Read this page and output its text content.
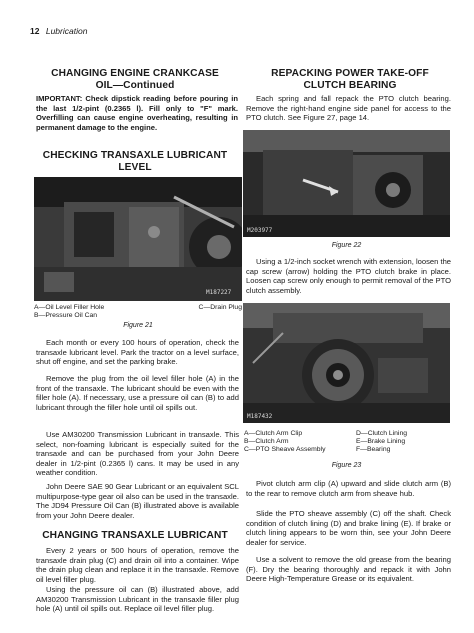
12 Lubrication
CHANGING ENGINE CRANKCASE
OIL—Continued
IMPORTANT: Check dipstick reading before pouring in the last 1/2-pint (0.2365 l). Fill only to "F" mark. Overfilling can cause engine overheating, resulting in permanent damage to the engine.
CHECKING TRANSAXLE LUBRICANT
LEVEL
M187227
A—Oil Level Filler Hole	C—Drain Plug
B—Pressure Oil Can
Figure 21
Each month or every 100 hours of operation, check the transaxle lubricant level. Park the tractor on a level surface, shut off engine, and set the parking brake.
Remove the plug from the oil level filler hole (A) in the front of the transaxle. The lubricant should be even with the filler hole (A). If necessary, use a pressure oil can (B) to add lubricant through the filler hole until oil spills out.
Use AM30200 Transmission Lubricant in transaxle. This select, non-foaming lubricant is especially suited for the transaxle and can be purchased from your John Deere dealer in 1/2-pint (0.2365 l) cans. It may be used in any weather condition.
John Deere SAE 90 Gear Lubricant or an equivalent SCL multipurpose-type gear oil also can be used in the transaxle. The JD94 Pressure Oil Can (B) illustrated above is available from your John Deere dealer.
CHANGING TRANSAXLE LUBRICANT
Every 2 years or 500 hours of operation, remove the transaxle drain plug (C) and drain oil into a container. Wipe the drain plug clean and replace it in the transaxle. Remove oil level filler plug.
Using the pressure oil can (B) illustrated above, add AM30200 Transmission Lubricant in the transaxle filler plug hole (A) until oil spills out. Replace oil level filler plug.
REPACKING POWER TAKE-OFF
CLUTCH BEARING
Each spring and fall repack the PTO clutch bearing. Remove the right-hand engine side panel for access to the PTO clutch. See Figure 27, page 14.
M203977
Figure 22
Using a 1/2-inch socket wrench with extension, loosen the cap screw (arrow) holding the PTO clutch brake in place. Loosen cap screw only enough to permit removal of the PTO clutch assembly.
M187432
A—Clutch Arm Clip	D—Clutch Lining
B—Clutch Arm	E—Brake Lining
C—PTO Sheave Assembly	F—Bearing
Figure 23
Pivot clutch arm clip (A) upward and slide clutch arm (B) to the rear to remove clutch arm from sheave hub.
Slide the PTO sheave assembly (C) off the shaft. Check condition of clutch lining (D) and brake lining (E). If brake or clutch lining appears to be worn thin, see your John Deere dealer for service.
Use a solvent to remove the old grease from the bearing (F). Dry the bearing thoroughly and repack it with John Deere High-Temperature Grease or its equivalent.
